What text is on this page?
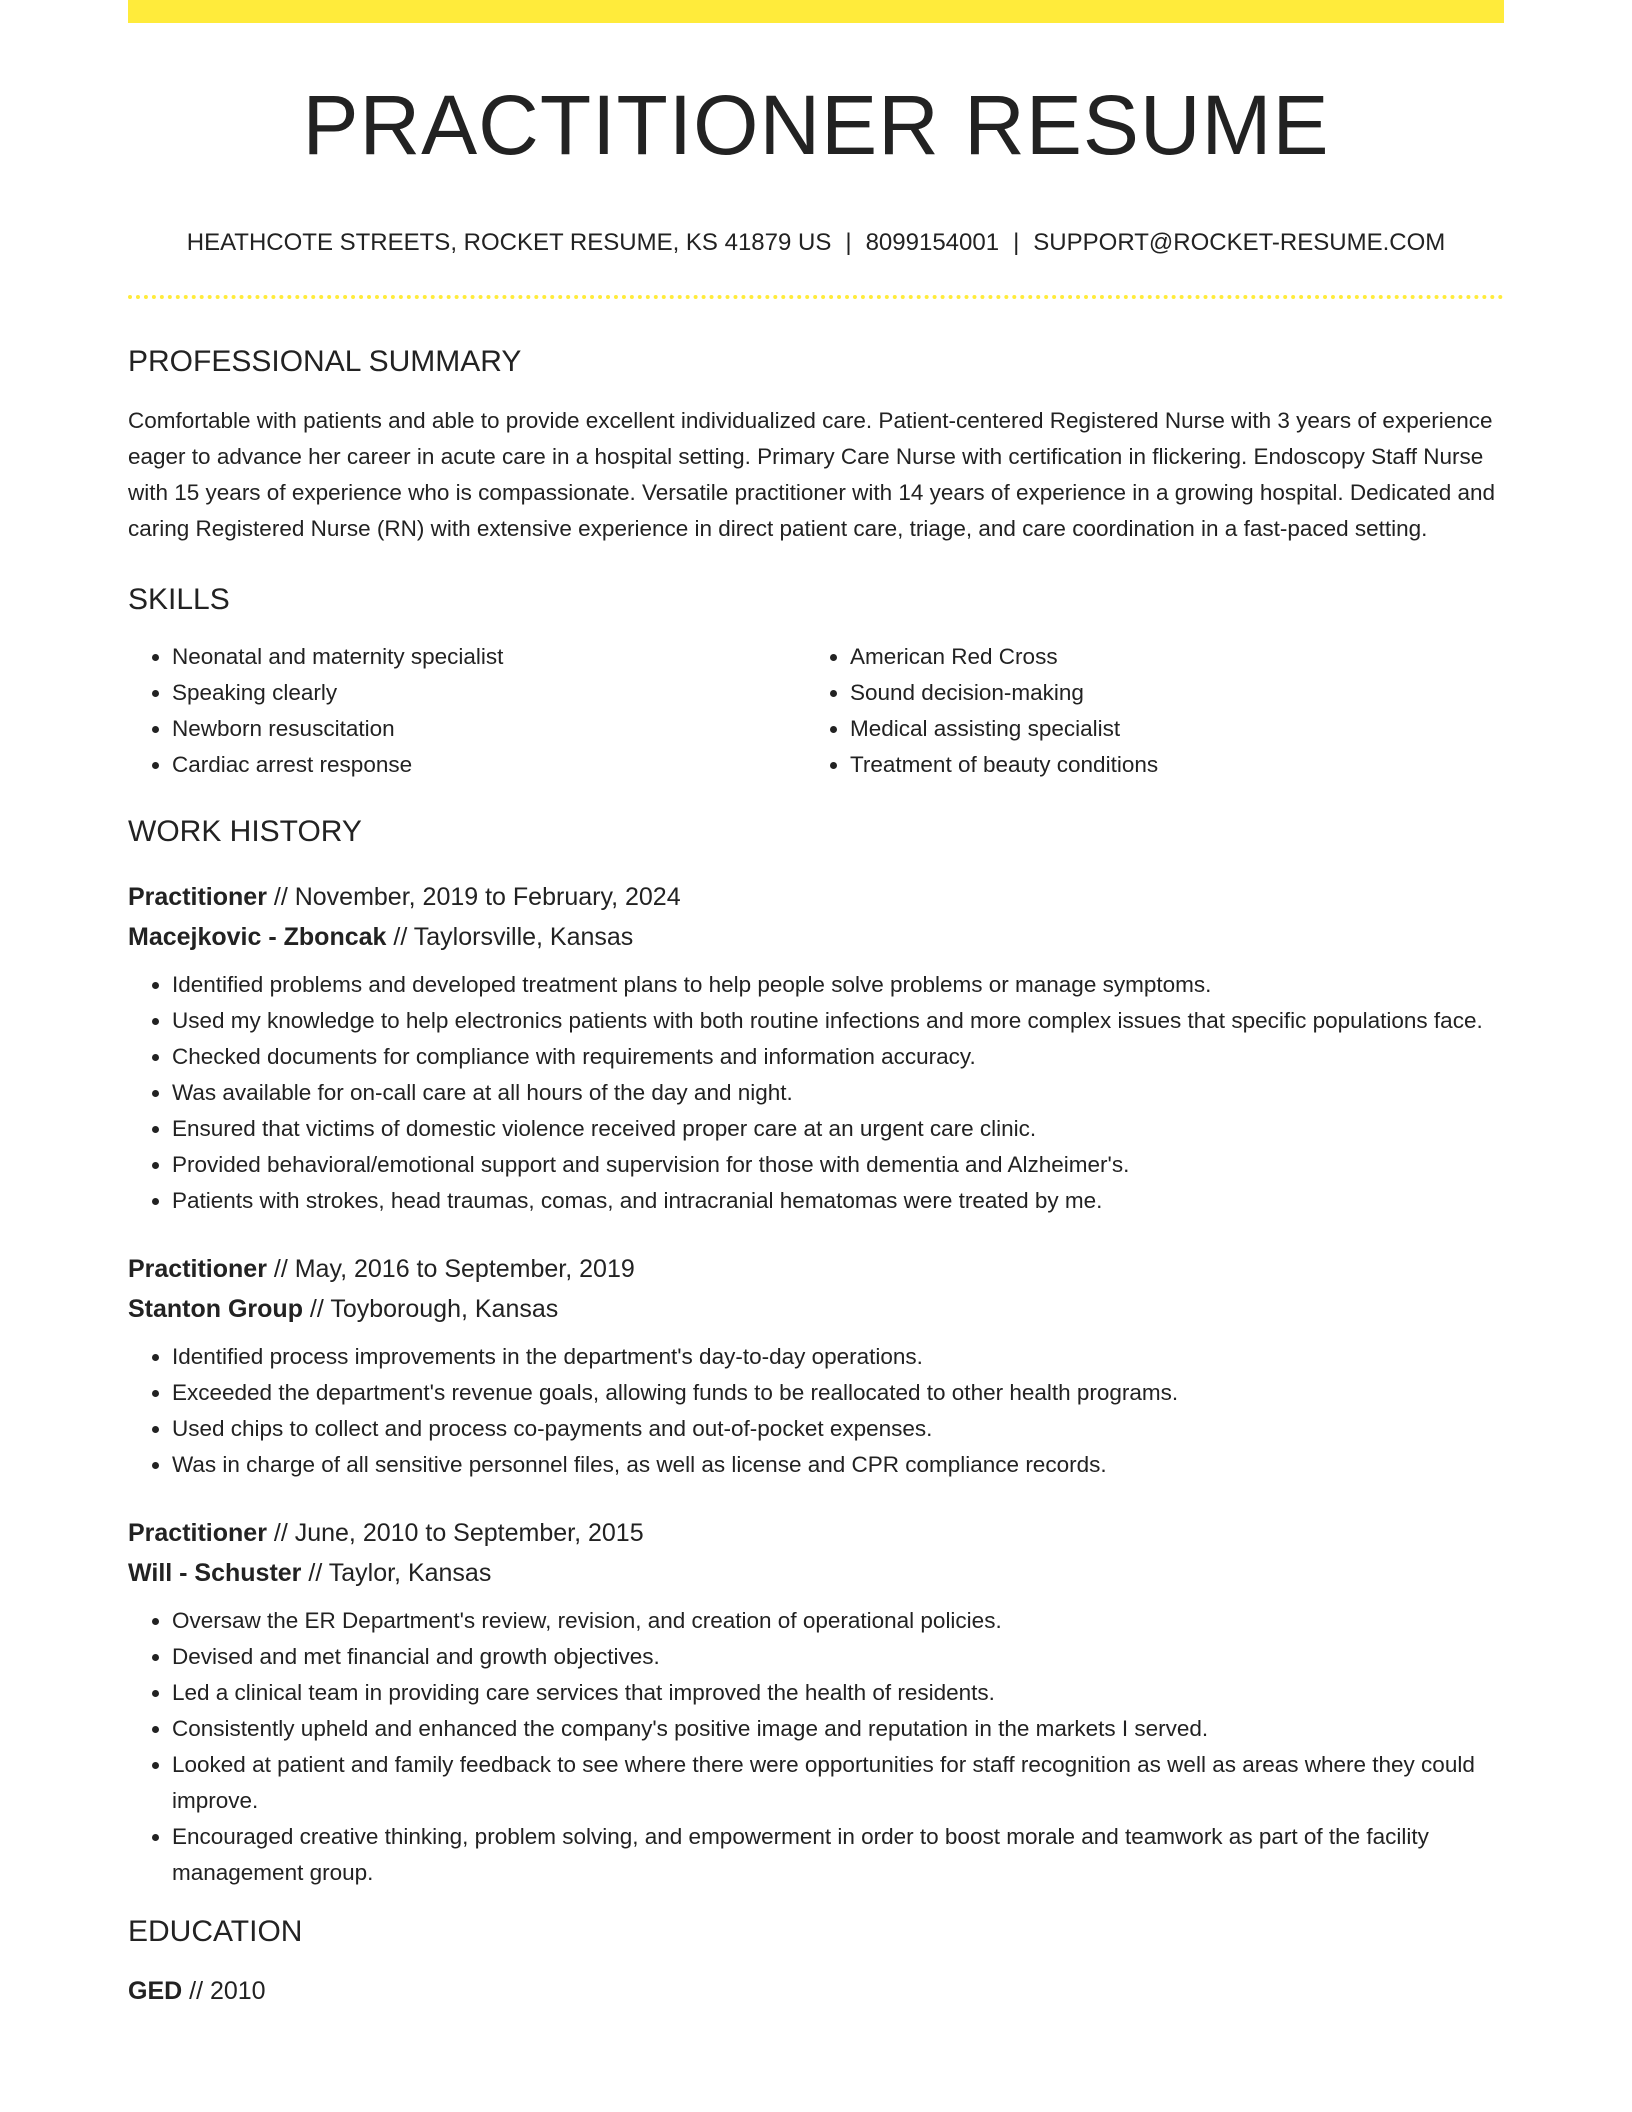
PRACTITIONER RESUME
HEATHCOTE STREETS, ROCKET RESUME, KS 41879 US | 8099154001 | SUPPORT@ROCKET-RESUME.COM
PROFESSIONAL SUMMARY

Comfortable with patients and able to provide excellent individualized care. Patient-centered Registered Nurse with 3 years of experience eager to advance her career in acute care in a hospital setting. Primary Care Nurse with certification in flickering. Endoscopy Staff Nurse with 15 years of experience who is compassionate. Versatile practitioner with 14 years of experience in a growing hospital. Dedicated and caring Registered Nurse (RN) with extensive experience in direct patient care, triage, and care coordination in a fast-paced setting.

SKILLS
• Neonatal and maternity specialist
• Speaking clearly
• Newborn resuscitation
• Cardiac arrest response
• American Red Cross
• Sound decision-making
• Medical assisting specialist
• Treatment of beauty conditions
WORK HISTORY
Practitioner // November, 2019 to February, 2024
Macejkovic - Zboncak // Taylorsville, Kansas
• Identified problems and developed treatment plans to help people solve problems or manage symptoms.
• Used my knowledge to help electronics patients with both routine infections and more complex issues that specific populations face.
• Checked documents for compliance with requirements and information accuracy.
• Was available for on-call care at all hours of the day and night.
• Ensured that victims of domestic violence received proper care at an urgent care clinic.
• Provided behavioral/emotional support and supervision for those with dementia and Alzheimer's.
• Patients with strokes, head traumas, comas, and intracranial hematomas were treated by me.
Practitioner // May, 2016 to September, 2019
Stanton Group // Toyborough, Kansas
• Identified process improvements in the department's day-to-day operations.
• Exceeded the department's revenue goals, allowing funds to be reallocated to other health programs.
• Used chips to collect and process co-payments and out-of-pocket expenses.
• Was in charge of all sensitive personnel files, as well as license and CPR compliance records.
Practitioner // June, 2010 to September, 2015
Will - Schuster // Taylor, Kansas
• Oversaw the ER Department's review, revision, and creation of operational policies.
• Devised and met financial and growth objectives.
• Led a clinical team in providing care services that improved the health of residents.
• Consistently upheld and enhanced the company's positive image and reputation in the markets I served.
• Looked at patient and family feedback to see where there were opportunities for staff recognition as well as areas where they could improve.
• Encouraged creative thinking, problem solving, and empowerment in order to boost morale and teamwork as part of the facility management group.
EDUCATION
GED // 2010
